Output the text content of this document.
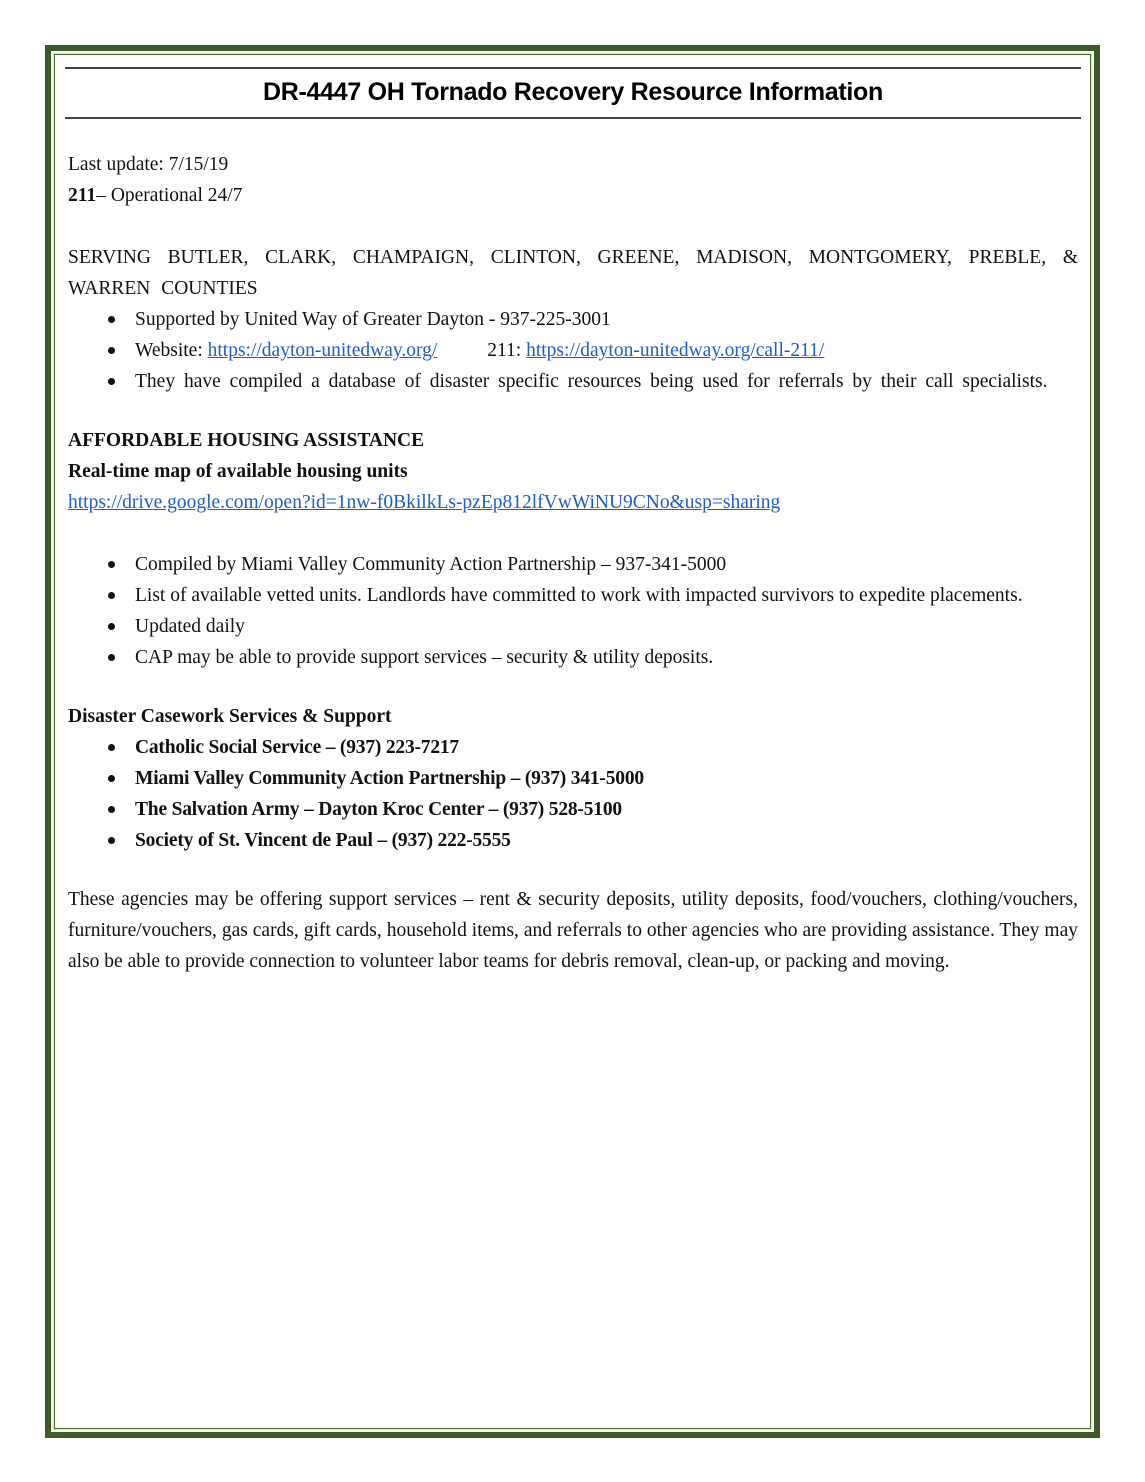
DR-4447 OH Tornado Recovery Resource Information

Last update: 7/15/19

211– Operational 24/7

SERVING BUTLER, CLARK, CHAMPAIGN, CLINTON, GREENE, MADISON, MONTGOMERY, PREBLE, & WARREN COUNTIES

Supported by United Way of Greater Dayton - 937-225-3001
Website: https://dayton-unitedway.org/	211: https://dayton-unitedway.org/call-211/
They have compiled a database of disaster specific resources being used for referrals by their call specialists.

AFFORDABLE HOUSING ASSISTANCE

Real-time map of available housing units

https://drive.google.com/open?id=1nw-f0BkilkLs-pzEp812lfVwWiNU9CNo&usp=sharing

Compiled by Miami Valley Community Action Partnership – 937-341-5000
List of available vetted units. Landlords have committed to work with impacted survivors to expedite placements.
Updated daily
CAP may be able to provide support services – security & utility deposits.

Disaster Casework Services & Support

Catholic Social Service – (937) 223-7217
Miami Valley Community Action Partnership – (937) 341-5000
The Salvation Army – Dayton Kroc Center – (937) 528-5100
Society of St. Vincent de Paul – (937) 222-5555

These agencies may be offering support services – rent & security deposits, utility deposits, food/vouchers, clothing/vouchers, furniture/vouchers, gas cards, gift cards, household items, and referrals to other agencies who are providing assistance. They may also be able to provide connection to volunteer labor teams for debris removal, clean-up, or packing and moving.
